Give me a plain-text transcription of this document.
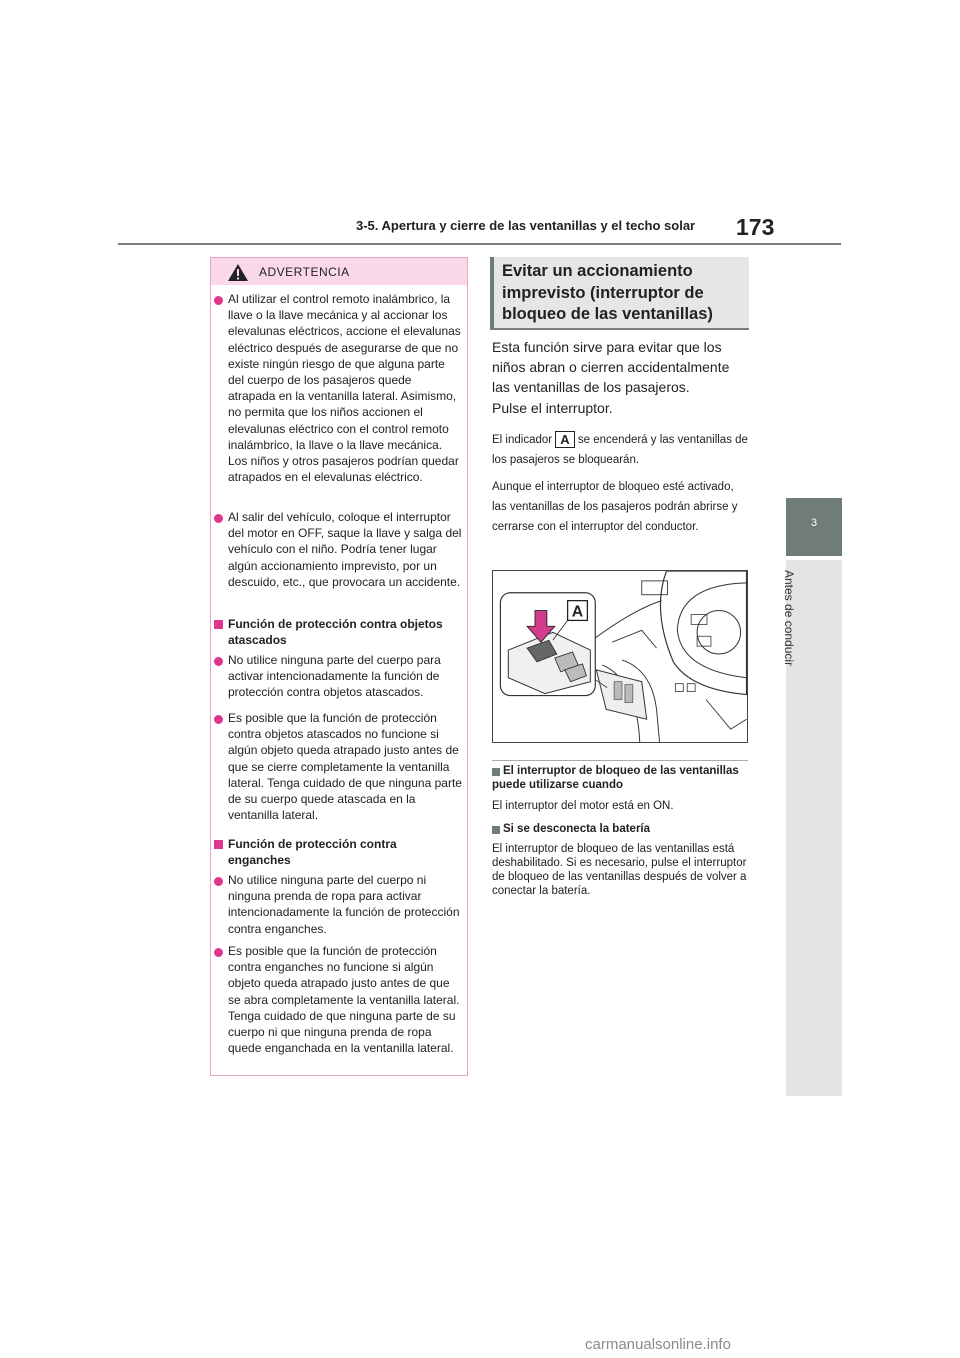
3-5. Apertura y cierre de las ventanillas y el techo solar 173
3
Antes de conducir
ADVERTENCIA
Al utilizar el control remoto inalámbrico, la llave o la llave mecánica y al accionar los elevalunas eléctricos, accione el elevalunas eléctrico después de asegurarse de que no existe ningún riesgo de que alguna parte del cuerpo de los pasajeros quede atrapada en la ventanilla lateral. Asimismo, no permita que los niños accionen el elevalunas eléctrico con el control remoto inalámbrico, la llave o la llave mecánica. Los niños y otros pasajeros podrían quedar atrapados en el elevalunas eléctrico.
Al salir del vehículo, coloque el interruptor del motor en OFF, saque la llave y salga del vehículo con el niño. Podría tener lugar algún accionamiento imprevisto, por un descuido, etc., que provocara un accidente.
Función de protección contra objetos atascados
No utilice ninguna parte del cuerpo para activar intencionadamente la función de protección contra objetos atascados.
Es posible que la función de protección contra objetos atascados no funcione si algún objeto queda atrapado justo antes de que se cierre completamente la ventanilla lateral. Tenga cuidado de que ninguna parte de su cuerpo quede atascada en la ventanilla lateral.
Función de protección contra enganches
No utilice ninguna parte del cuerpo ni ninguna prenda de ropa para activar intencionadamente la función de protección contra enganches.
Es posible que la función de protección contra enganches no funcione si algún objeto queda atrapado justo antes de que se abra completamente la ventanilla lateral. Tenga cuidado de que ninguna parte de su cuerpo ni que ninguna prenda de ropa quede enganchada en la ventanilla lateral.
Evitar un accionamiento imprevisto (interruptor de bloqueo de las ventanillas)
Esta función sirve para evitar que los niños abran o cierren accidentalmente las ventanillas de los pasajeros.
Pulse el interruptor.
El indicador A se encenderá y las ventanillas de los pasajeros se bloquearán.
Aunque el interruptor de bloqueo esté activado, las ventanillas de los pasajeros podrán abrirse y cerrarse con el interruptor del conductor.
A
El interruptor de bloqueo de las ventanillas puede utilizarse cuando
El interruptor del motor está en ON.
Si se desconecta la batería
El interruptor de bloqueo de las ventanillas está deshabilitado. Si es necesario, pulse el interruptor de bloqueo de las ventanillas después de volver a conectar la batería.
carmanualsonline.info
